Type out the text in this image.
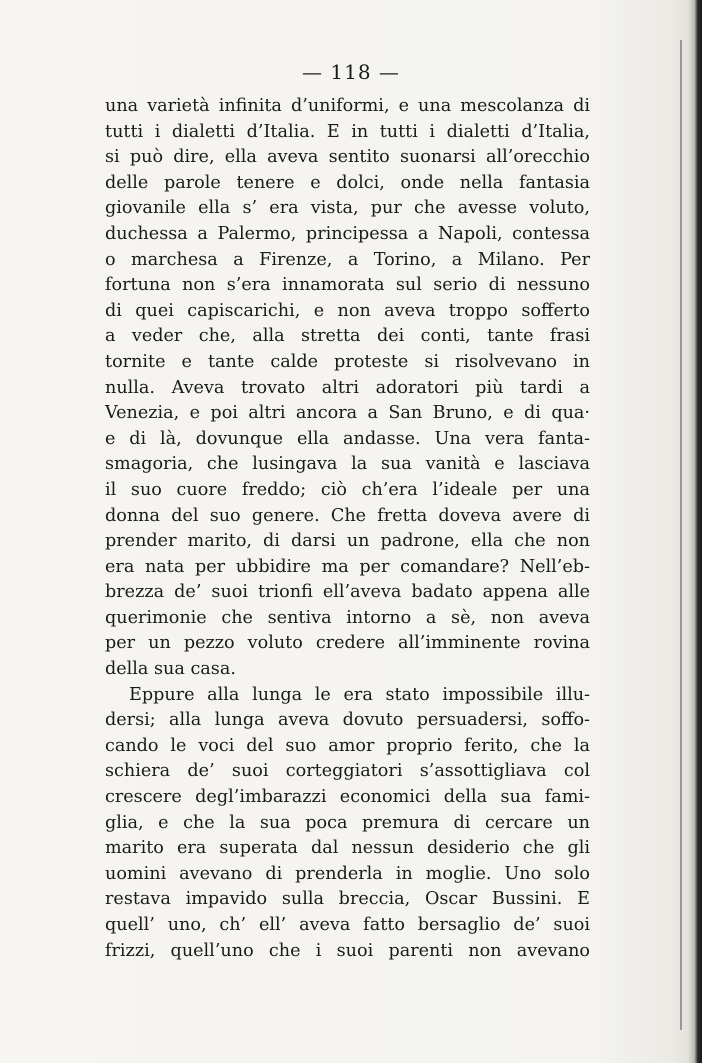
— 118 —
una varietà infinita d’uniformi, e una mescolanza di
tutti i dialetti d’Italia. E in tutti i dialetti d’Italia,
si può dire, ella aveva sentito suonarsi all’orecchio
delle parole tenere e dolci, onde nella fantasia
giovanile ella s’ era vista, pur che avesse voluto,
duchessa a Palermo, principessa a Napoli, contessa
o marchesa a Firenze, a Torino, a Milano. Per
fortuna non s’era innamorata sul serio di nessuno
di quei capiscarichi, e non aveva troppo sofferto
a veder che, alla stretta dei conti, tante frasi
tornite e tante calde proteste si risolvevano in
nulla. Aveva trovato altri adoratori più tardi a
Venezia, e poi altri ancora a San Bruno, e di qua·
e di là, dovunque ella andasse. Una vera fanta-
smagoria, che lusingava la sua vanità e lasciava
il suo cuore freddo; ciò ch’era l’ideale per una
donna del suo genere. Che fretta doveva avere di
prender marito, di darsi un padrone, ella che non
era nata per ubbidire ma per comandare? Nell’eb-
brezza de’ suoi trionfi ell’aveva badato appena alle
querimonie che sentiva intorno a sè, non aveva
per un pezzo voluto credere all’imminente rovina
della sua casa.
Eppure alla lunga le era stato impossibile illu-
dersi; alla lunga aveva dovuto persuadersi, soffo-
cando le voci del suo amor proprio ferito, che la
schiera de’ suoi corteggiatori s’assottigliava col
crescere degl’imbarazzi economici della sua fami-
glia, e che la sua poca premura di cercare un
marito era superata dal nessun desiderio che gli
uomini avevano di prenderla in moglie. Uno solo
restava impavido sulla breccia, Oscar Bussini. E
quell’ uno, ch’ ell’ aveva fatto bersaglio de’ suoi
frizzi, quell’uno che i suoi parenti non avevano
